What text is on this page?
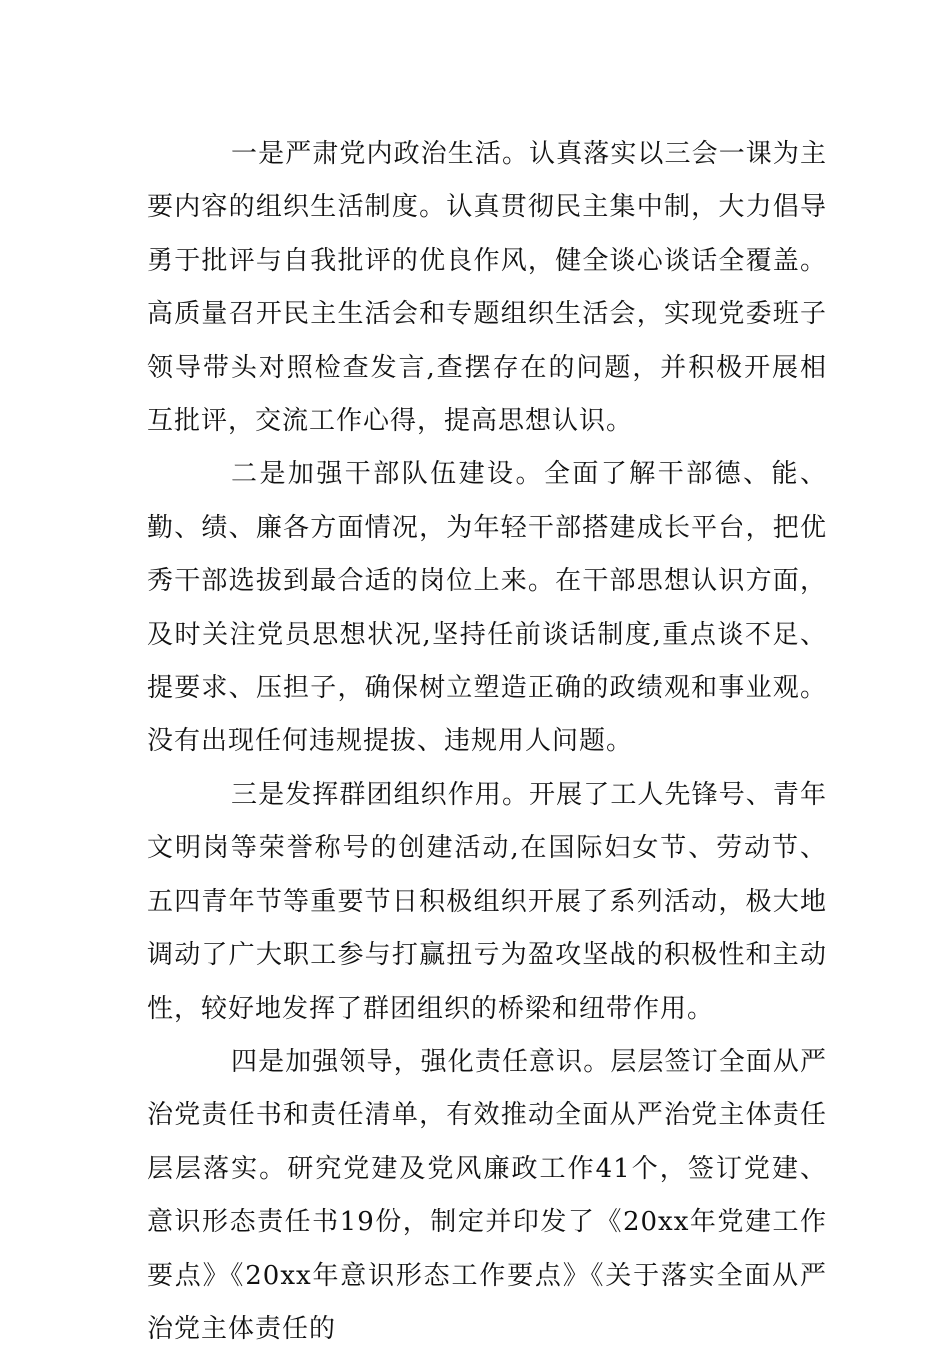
一是严肃党内政治生活。认真落实以三会一课为主要内容的组织生活制度。认真贯彻民主集中制，大力倡导勇于批评与自我批评的优良作风，健全谈心谈话全覆盖。高质量召开民主生活会和专题组织生活会，实现党委班子领导带头对照检查发言,查摆存在的问题，并积极开展相互批评，交流工作心得，提高思想认识。

二是加强干部队伍建设。全面了解干部德、能、勤、绩、廉各方面情况，为年轻干部搭建成长平台，把优秀干部选拔到最合适的岗位上来。在干部思想认识方面，及时关注党员思想状况,坚持任前谈话制度,重点谈不足、提要求、压担子，确保树立塑造正确的政绩观和事业观。没有出现任何违规提拔、违规用人问题。

三是发挥群团组织作用。开展了工人先锋号、青年文明岗等荣誉称号的创建活动,在国际妇女节、劳动节、五四青年节等重要节日积极组织开展了系列活动，极大地调动了广大职工参与打赢扭亏为盈攻坚战的积极性和主动性，较好地发挥了群团组织的桥梁和纽带作用。

四是加强领导，强化责任意识。层层签订全面从严治党责任书和责任清单，有效推动全面从严治党主体责任层层落实。研究党建及党风廉政工作41个，签订党建、意识形态责任书19份，制定并印发了《20xx年党建工作要点》《20xx年意识形态工作要点》《关于落实全面从严治党主体责任的
